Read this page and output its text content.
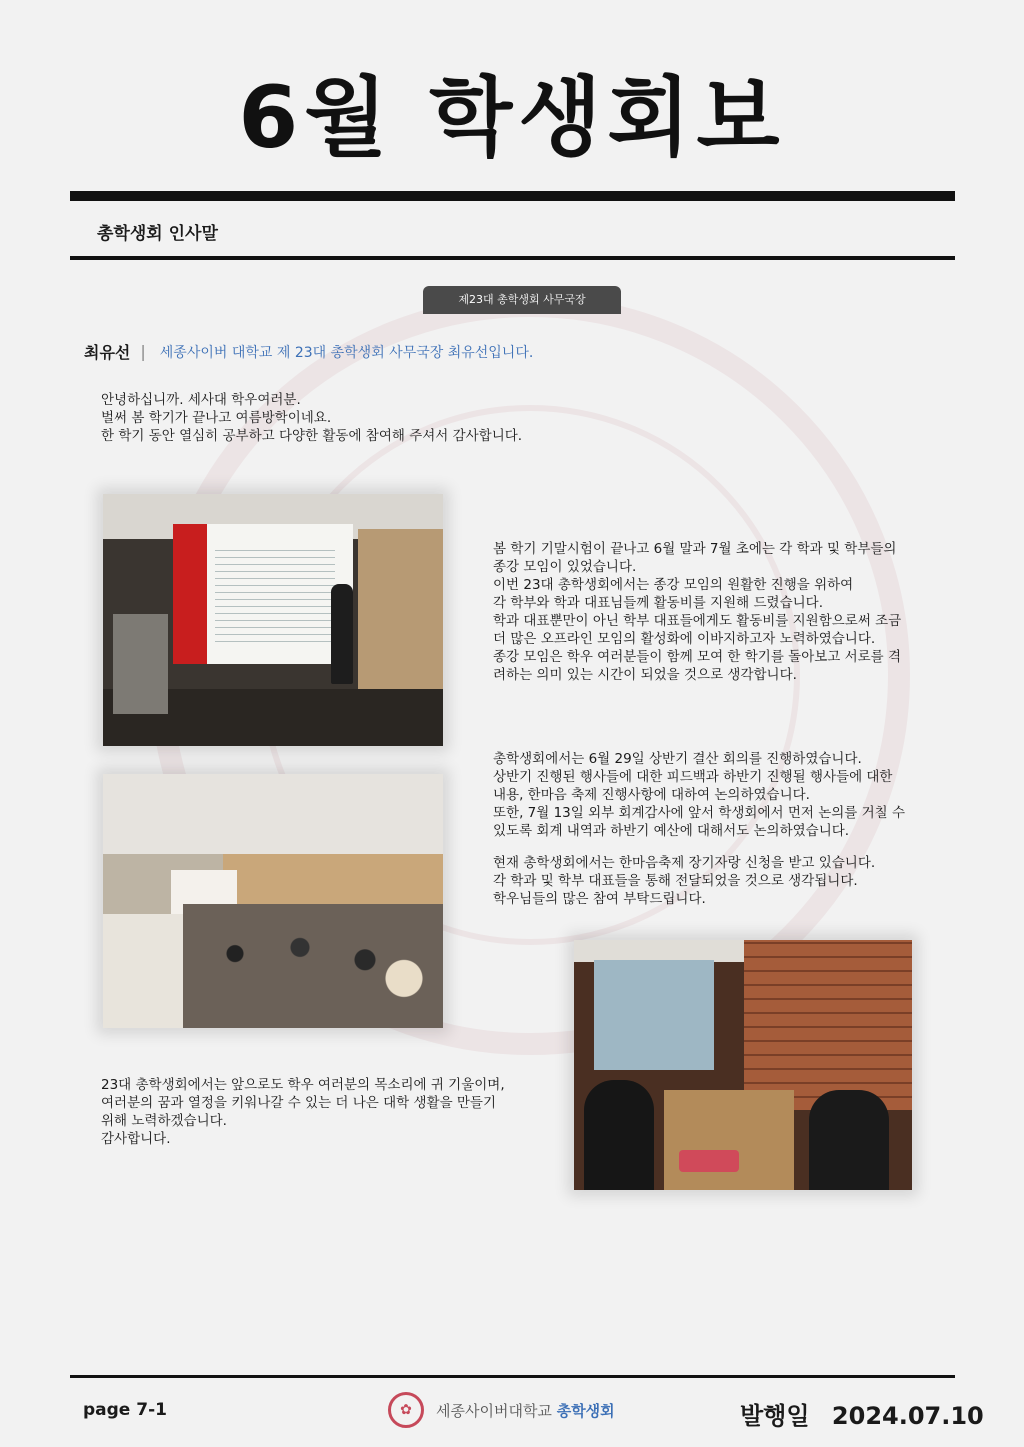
6월 학생회보
총학생회 인사말
제23대 총학생회 사무국장
최유선 | 세종사이버 대학교 제 23대 총학생회 사무국장 최유선입니다.
안녕하십니까. 세사대 학우여러분.
벌써 봄 학기가 끝나고 여름방학이네요.
한 학기 동안 열심히 공부하고 다양한 활동에 참여해 주셔서 감사합니다.
봄 학기 기말시험이 끝나고 6월 말과 7월 초에는 각 학과 및 학부들의
종강 모임이 있었습니다.
이번 23대 총학생회에서는 종강 모임의 원활한 진행을 위하여
각 학부와 학과 대표님들께 활동비를 지원해 드렸습니다.
학과 대표뿐만이 아닌 학부 대표들에게도 활동비를 지원함으로써 조금
더 많은 오프라인 모임의 활성화에 이바지하고자 노력하였습니다.
종강 모임은 학우 여러분들이 함께 모여 한 학기를 돌아보고 서로를 격
려하는 의미 있는 시간이 되었을 것으로 생각합니다.
총학생회에서는 6월 29일 상반기 결산 회의를 진행하였습니다.
상반기 진행된 행사들에 대한 피드백과 하반기 진행될 행사들에 대한
내용, 한마음 축제 진행사항에 대하여 논의하였습니다.
또한, 7월 13일 외부 회계감사에 앞서 학생회에서 먼저 논의를 거칠 수
있도록 회계 내역과 하반기 예산에 대해서도 논의하였습니다.
현재 총학생회에서는 한마음축제 장기자랑 신청을 받고 있습니다.
각 학과 및 학부 대표들을 통해 전달되었을 것으로 생각됩니다.
학우님들의 많은 참여 부탁드립니다.
23대 총학생회에서는 앞으로도 학우 여러분의 목소리에 귀 기울이며,
여러분의 꿈과 열정을 키워나갈 수 있는 더 나은 대학 생활을 만들기
위해 노력하겠습니다.
감사합니다.
page 7-1	✿	세종사이버대학교 총학생회	발행일 2024.07.10
